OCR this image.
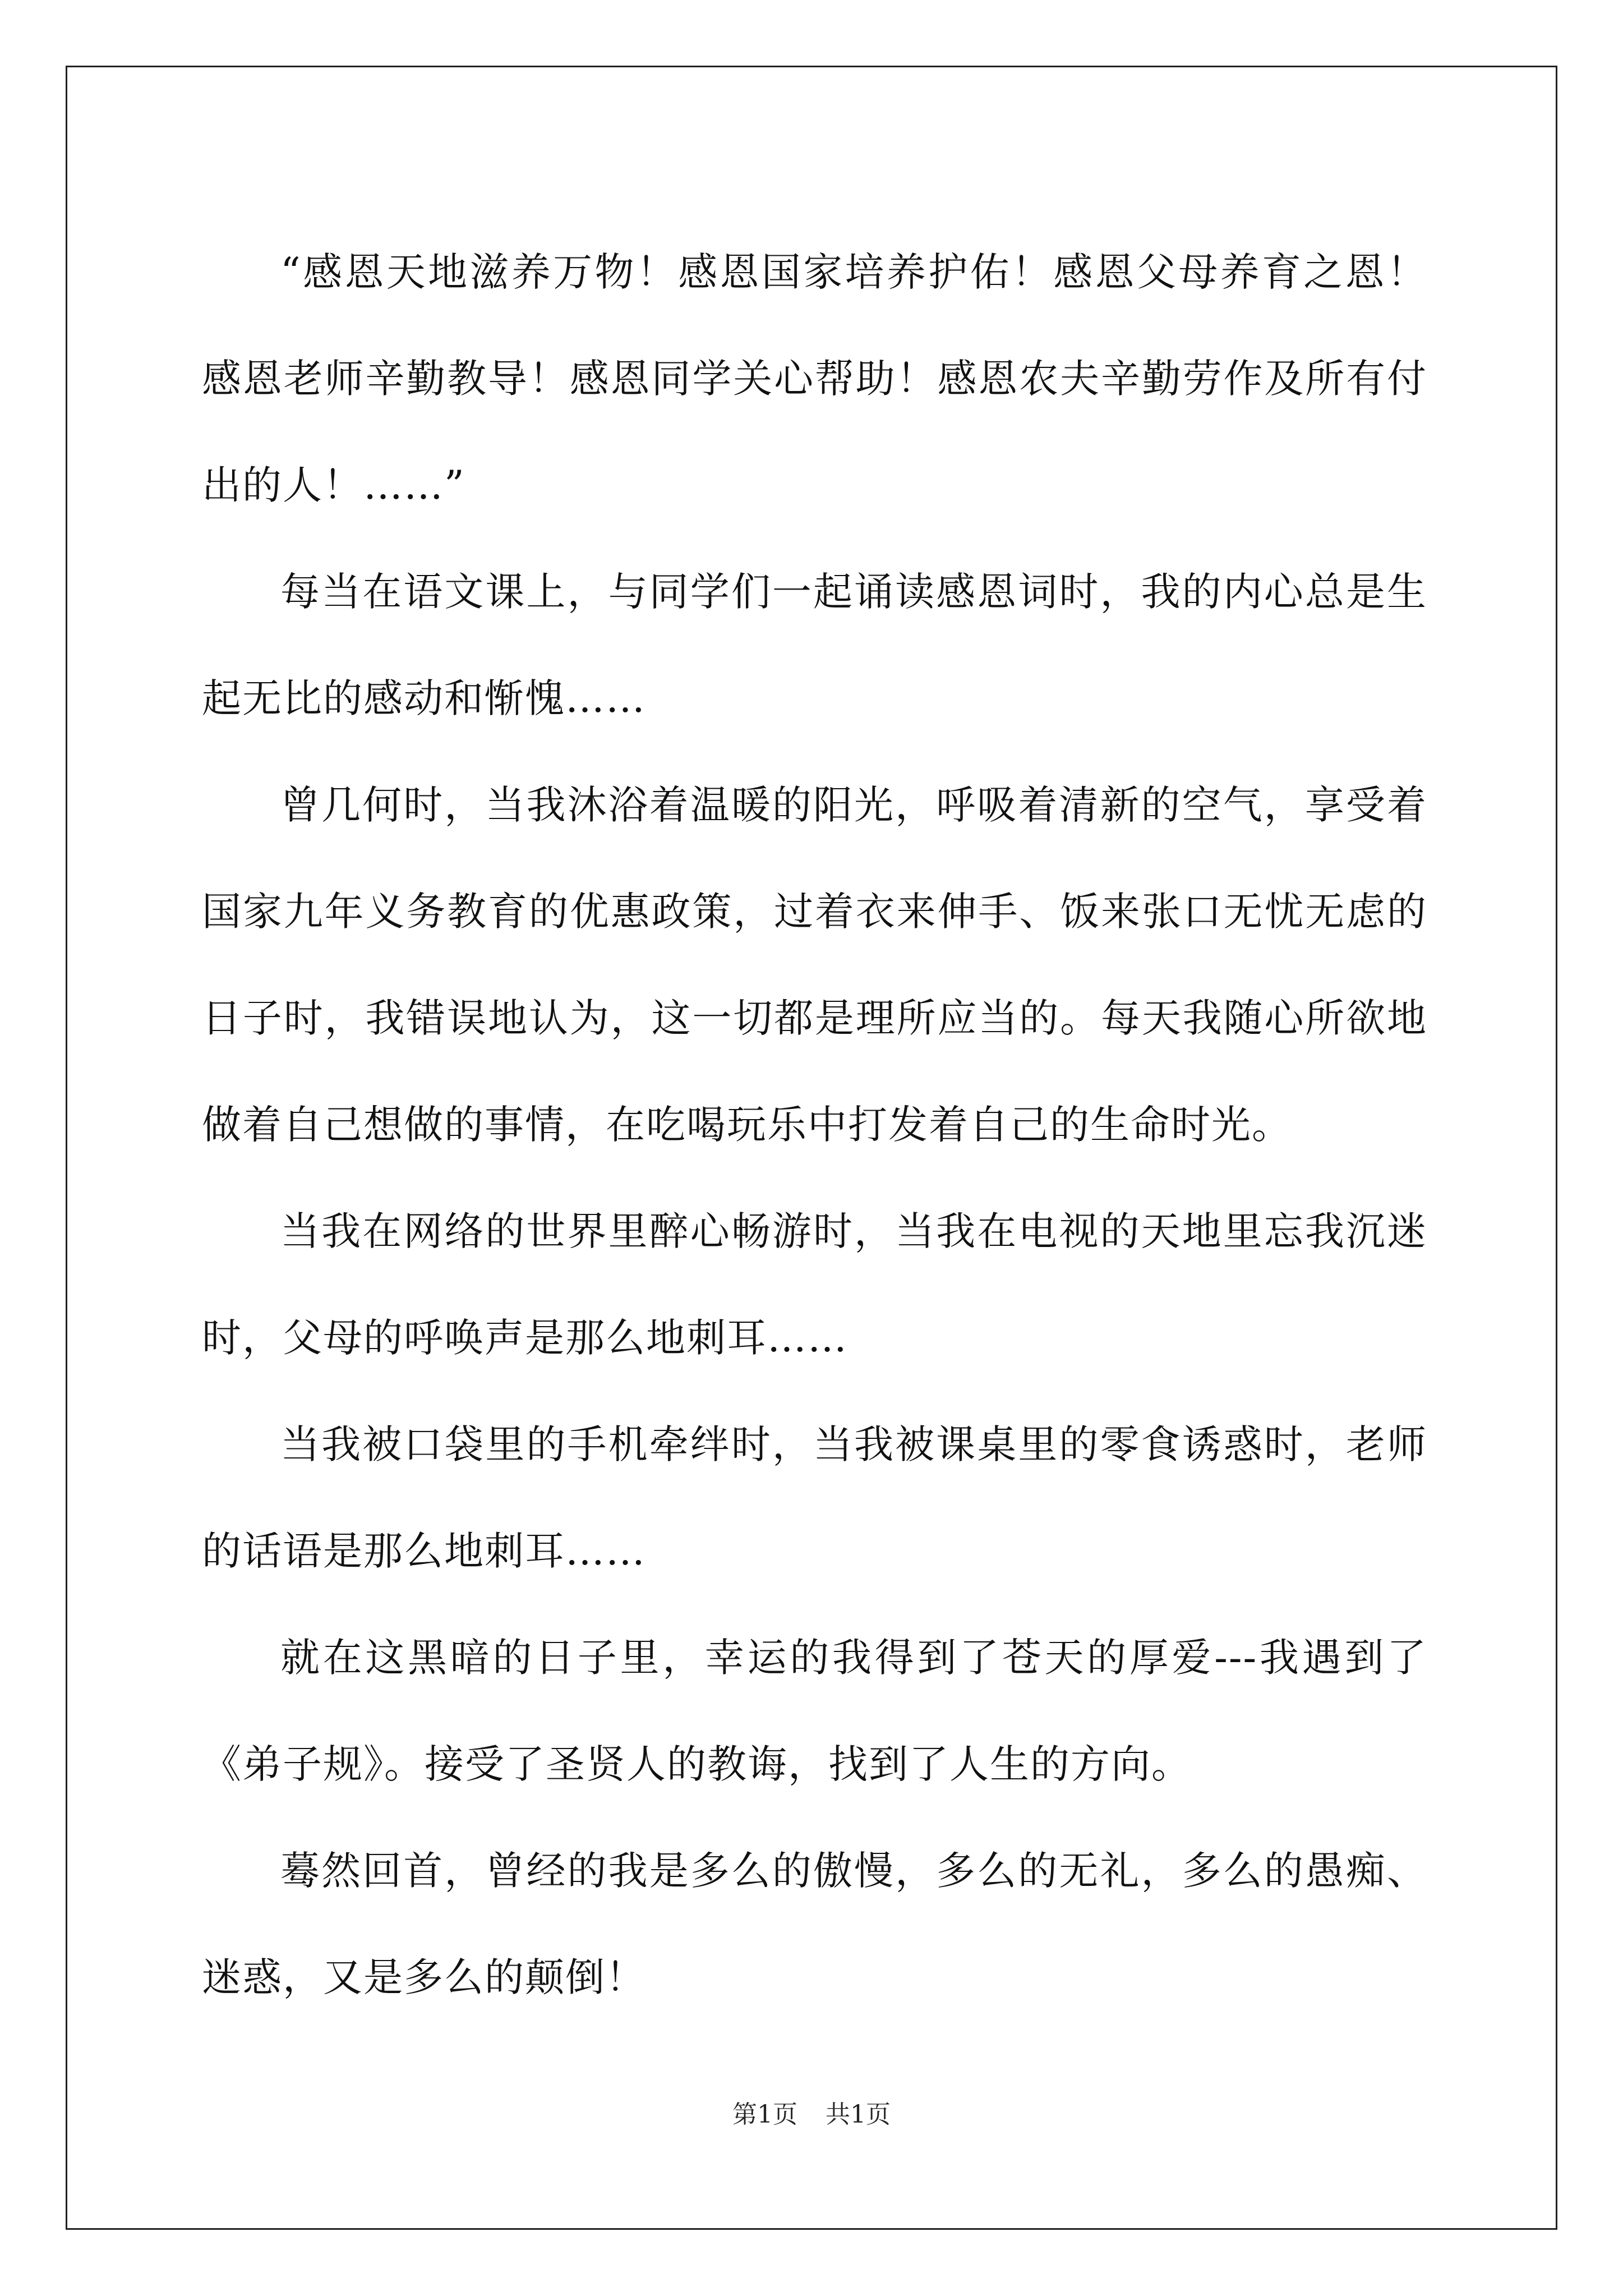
“感恩天地滋养万物！感恩国家培养护佑！感恩父母养育之恩！感恩老师辛勤教导！感恩同学关心帮助！感恩农夫辛勤劳作及所有付出的人！……”

每当在语文课上，与同学们一起诵读感恩词时，我的内心总是生起无比的感动和惭愧……

曾几何时，当我沐浴着温暖的阳光，呼吸着清新的空气，享受着国家九年义务教育的优惠政策，过着衣来伸手、饭来张口无忧无虑的日子时，我错误地认为，这一切都是理所应当的。每天我随心所欲地做着自己想做的事情，在吃喝玩乐中打发着自己的生命时光。

当我在网络的世界里醉心畅游时，当我在电视的天地里忘我沉迷时，父母的呼唤声是那么地刺耳……

当我被口袋里的手机牵绊时，当我被课桌里的零食诱惑时，老师的话语是那么地刺耳……

就在这黑暗的日子里，幸运的我得到了苍天的厚爱---我遇到了《弟子规》。接受了圣贤人的教诲，找到了人生的方向。

蓦然回首，曾经的我是多么的傲慢，多么的无礼，多么的愚痴、迷惑，又是多么的颠倒！

第1页 共1页
